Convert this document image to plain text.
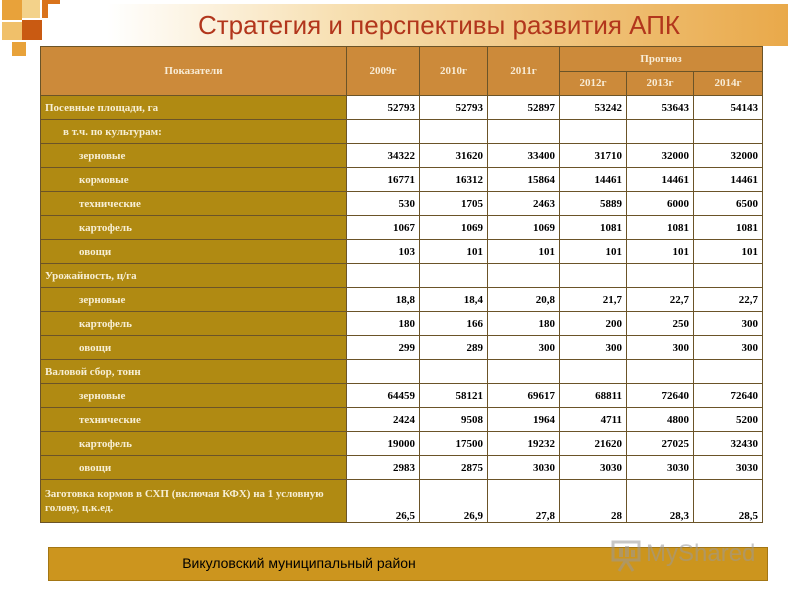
Стратегия и перспективы развития АПК
Показатели	2009г	2010г	2011г	Прогноз		
				2012г	2013г	2014г
Посевные площади, га	52793	52793	52897	53242	53643	54143
в т.ч. по культурам:						
зерновые	34322	31620	33400	31710	32000	32000
кормовые	16771	16312	15864	14461	14461	14461
технические	530	1705	2463	5889	6000	6500
картофель	1067	1069	1069	1081	1081	1081
овощи	103	101	101	101	101	101
Урожайность, ц/га						
зерновые	18,8	18,4	20,8	21,7	22,7	22,7
картофель	180	166	180	200	250	300
овощи	299	289	300	300	300	300
Валовой сбор, тонн						
зерновые	64459	58121	69617	68811	72640	72640
технические	2424	9508	1964	4711	4800	5200
картофель	19000	17500	19232	21620	27025	32430
овощи	2983	2875	3030	3030	3030	3030
Заготовка кормов в СХП (включая КФХ) на 1 условную голову, ц.к.ед.	26,5	26,9	27,8	28	28,3	28,5
Викуловский муниципальный район	MyShared
